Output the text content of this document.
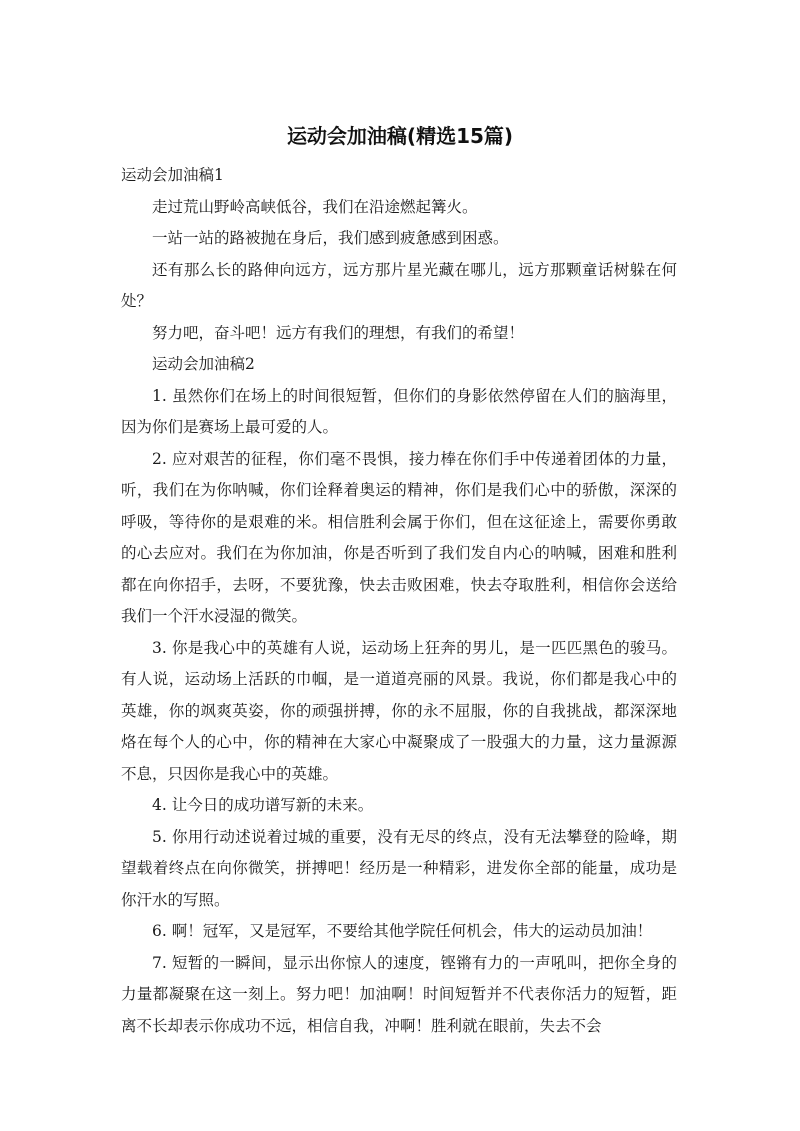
运动会加油稿(精选15篇)

运动会加油稿1

走过荒山野岭高峡低谷，我们在沿途燃起篝火。

一站一站的路被抛在身后，我们感到疲惫感到困惑。

还有那么长的路伸向远方，远方那片星光藏在哪儿，远方那颗童话树躲在何处？

努力吧，奋斗吧！远方有我们的理想，有我们的希望！

运动会加油稿2

1. 虽然你们在场上的时间很短暂，但你们的身影依然停留在人们的脑海里，因为你们是赛场上最可爱的人。

2. 应对艰苦的征程，你们毫不畏惧，接力棒在你们手中传递着团体的力量，听，我们在为你呐喊，你们诠释着奥运的精神，你们是我们心中的骄傲，深深的呼吸，等待你的是艰难的米。相信胜利会属于你们，但在这征途上，需要你勇敢的心去应对。我们在为你加油，你是否听到了我们发自内心的呐喊，困难和胜利都在向你招手，去呀，不要犹豫，快去击败困难，快去夺取胜利，相信你会送给我们一个汗水浸湿的微笑。

3. 你是我心中的英雄有人说，运动场上狂奔的男儿，是一匹匹黑色的骏马。有人说，运动场上活跃的巾帼，是一道道亮丽的风景。我说，你们都是我心中的英雄，你的飒爽英姿，你的顽强拼搏，你的永不屈服，你的自我挑战，都深深地烙在每个人的心中，你的精神在大家心中凝聚成了一股强大的力量，这力量源源不息，只因你是我心中的英雄。

4. 让今日的成功谱写新的未来。

5. 你用行动述说着过城的重要，没有无尽的终点，没有无法攀登的险峰，期望载着终点在向你微笑，拼搏吧！经历是一种精彩，进发你全部的能量，成功是你汗水的写照。

6. 啊！冠军，又是冠军，不要给其他学院任何机会，伟大的运动员加油！

7. 短暂的一瞬间，显示出你惊人的速度，铿锵有力的一声吼叫，把你全身的力量都凝聚在这一刻上。努力吧！加油啊！时间短暂并不代表你活力的短暂，距离不长却表示你成功不远，相信自我，冲啊！胜利就在眼前，失去不会
